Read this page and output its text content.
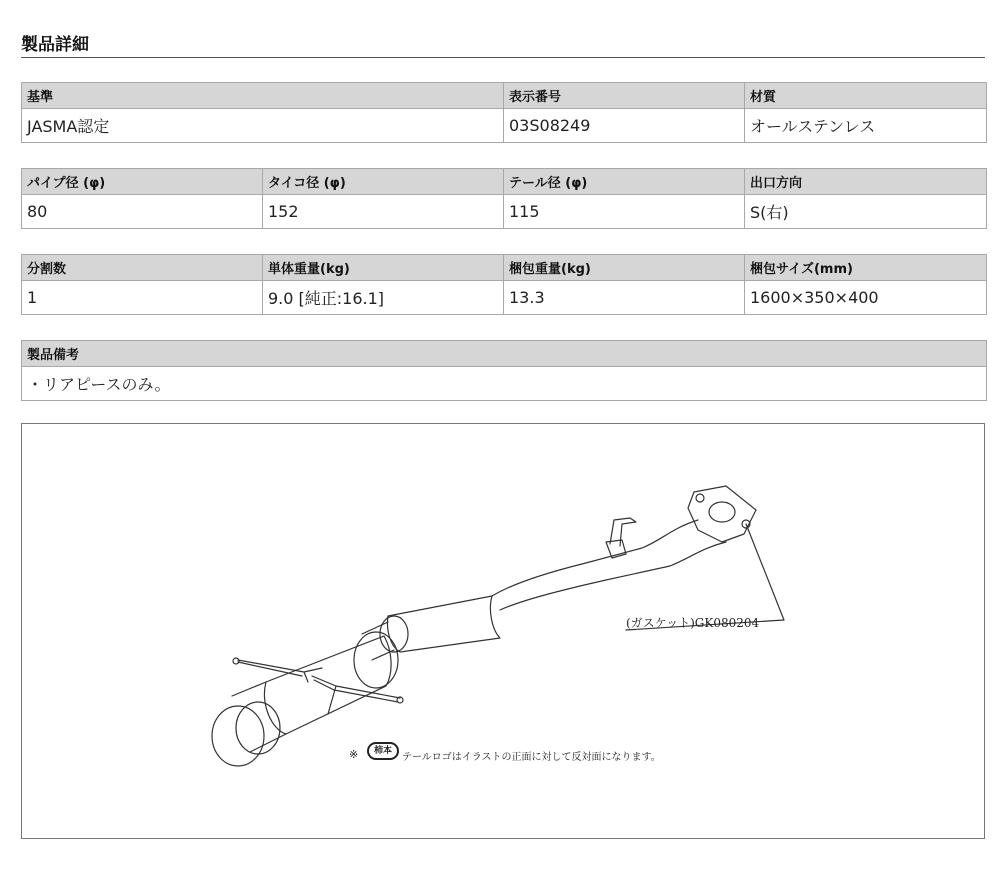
製品詳細
基準	表示番号	材質
JASMA認定	03S08249	オールステンレス
パイプ径 (φ)	タイコ径 (φ)	テール径 (φ)	出口方向
80	152	115	S(右)
分割数	単体重量(kg)	梱包重量(kg)	梱包サイズ(mm)
1	9.0 [純正:16.1]	13.3	1600×350×400
製品備考
・リアピースのみ。
(ガスケット)GK080204
※	柿本
テールロゴはイラストの正面に対して反対面になります。
